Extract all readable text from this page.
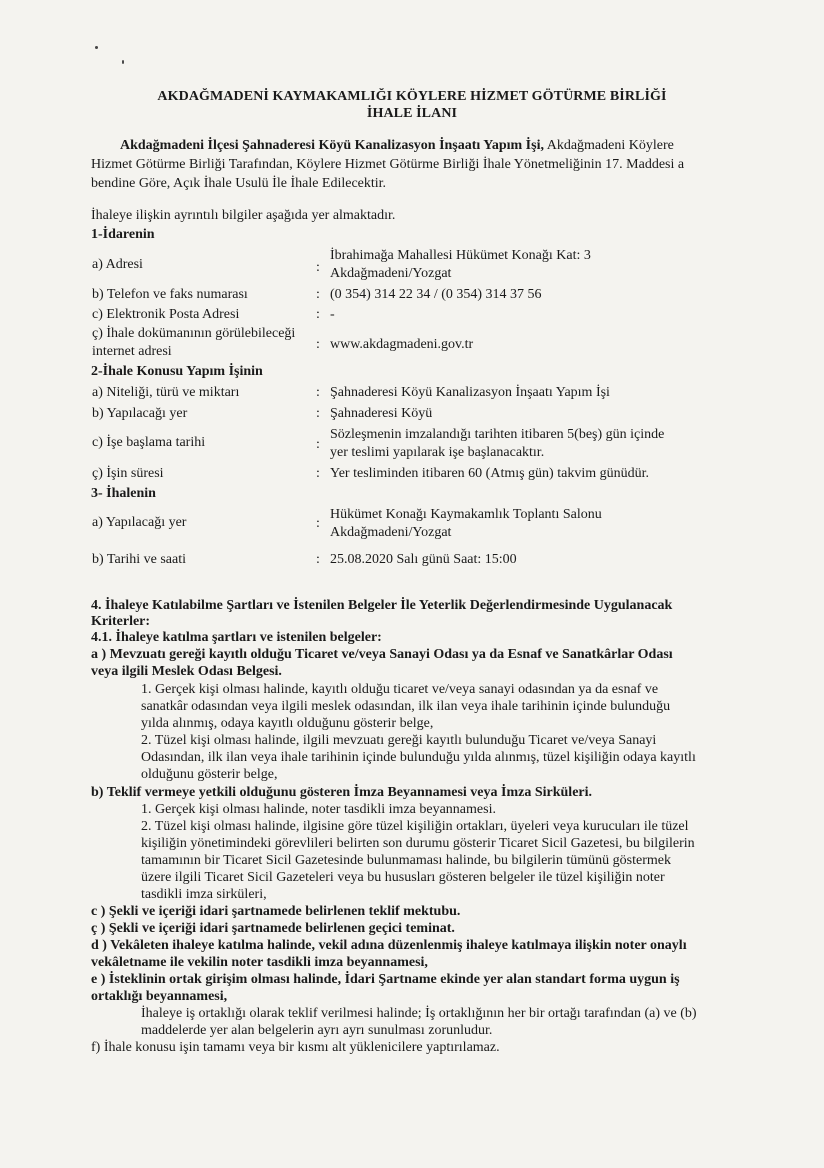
AKDAĞMADENİ KAYMAKAMLIĞI KÖYLERE HİZMET GÖTÜRME BİRLİĞİ
İHALE İLANI
Akdağmadeni İlçesi Şahnaderesi Köyü Kanalizasyon İnşaatı Yapım İşi, Akdağmadeni Köylere
Hizmet Götürme Birliği Tarafından, Köylere Hizmet Götürme Birliği İhale Yönetmeliğinin 17. Maddesi a
bendine Göre, Açık İhale Usulü İle İhale Edilecektir.
İhaleye ilişkin ayrıntılı bilgiler aşağıda yer almaktadır.
1-İdarenin
a) Adresi	:
İbrahimağa Mahallesi Hükümet Konağı Kat: 3
Akdağmadeni/Yozgat
b) Telefon ve faks numarası	: (0 354) 314 22 34 / (0 354) 314 37 56
c) Elektronik Posta Adresi	: -
ç) İhale dokümanının görülebileceği
internet adresi	: www.akdagmadeni.gov.tr
2-İhale Konusu Yapım İşinin
a) Niteliği, türü ve miktarı	: Şahnaderesi Köyü Kanalizasyon İnşaatı Yapım İşi
b) Yapılacağı yer	: Şahnaderesi Köyü
c) İşe başlama tarihi	:
Sözleşmenin imzalandığı tarihten itibaren 5(beş) gün içinde
yer teslimi yapılarak işe başlanacaktır.
ç) İşin süresi	: Yer tesliminden itibaren 60 (Atmış gün) takvim günüdür.
3- İhalenin
a) Yapılacağı yer	:
Hükümet Konağı Kaymakamlık Toplantı Salonu
Akdağmadeni/Yozgat
b) Tarihi ve saati	: 25.08.2020 Salı günü Saat: 15:00
4. İhaleye Katılabilme Şartları ve İstenilen Belgeler İle Yeterlik Değerlendirmesinde Uygulanacak
Kriterler:
4.1. İhaleye katılma şartları ve istenilen belgeler:
a ) Mevzuatı gereği kayıtlı olduğu Ticaret ve/veya Sanayi Odası ya da Esnaf ve Sanatkârlar Odası
veya ilgili Meslek Odası Belgesi.
1. Gerçek kişi olması halinde, kayıtlı olduğu ticaret ve/veya sanayi odasından ya da esnaf ve
sanatkâr odasından veya ilgili meslek odasından, ilk ilan veya ihale tarihinin içinde bulunduğu
yılda alınmış, odaya kayıtlı olduğunu gösterir belge,
2. Tüzel kişi olması halinde, ilgili mevzuatı gereği kayıtlı bulunduğu Ticaret ve/veya Sanayi
Odasından, ilk ilan veya ihale tarihinin içinde bulunduğu yılda alınmış, tüzel kişiliğin odaya kayıtlı
olduğunu gösterir belge,
b) Teklif vermeye yetkili olduğunu gösteren İmza Beyannamesi veya İmza Sirküleri.
1. Gerçek kişi olması halinde, noter tasdikli imza beyannamesi.
2. Tüzel kişi olması halinde, ilgisine göre tüzel kişiliğin ortakları, üyeleri veya kurucuları ile tüzel
kişiliğin yönetimindeki görevlileri belirten son durumu gösterir Ticaret Sicil Gazetesi, bu bilgilerin
tamamının bir Ticaret Sicil Gazetesinde bulunmaması halinde, bu bilgilerin tümünü göstermek
üzere ilgili Ticaret Sicil Gazeteleri veya bu hususları gösteren belgeler ile tüzel kişiliğin noter
tasdikli imza sirküleri,
c ) Şekli ve içeriği idari şartnamede belirlenen teklif mektubu.
ç ) Şekli ve içeriği idari şartnamede belirlenen geçici teminat.
d ) Vekâleten ihaleye katılma halinde, vekil adına düzenlenmiş ihaleye katılmaya ilişkin noter onaylı
vekâletname ile vekilin noter tasdikli imza beyannamesi,
e ) İsteklinin ortak girişim olması halinde, İdari Şartname ekinde yer alan standart forma uygun iş
ortaklığı beyannamesi,
İhaleye iş ortaklığı olarak teklif verilmesi halinde; İş ortaklığının her bir ortağı tarafından (a) ve (b)
maddelerde yer alan belgelerin ayrı ayrı sunulması zorunludur.
f) İhale konusu işin tamamı veya bir kısmı alt yüklenicilere yaptırılamaz.
